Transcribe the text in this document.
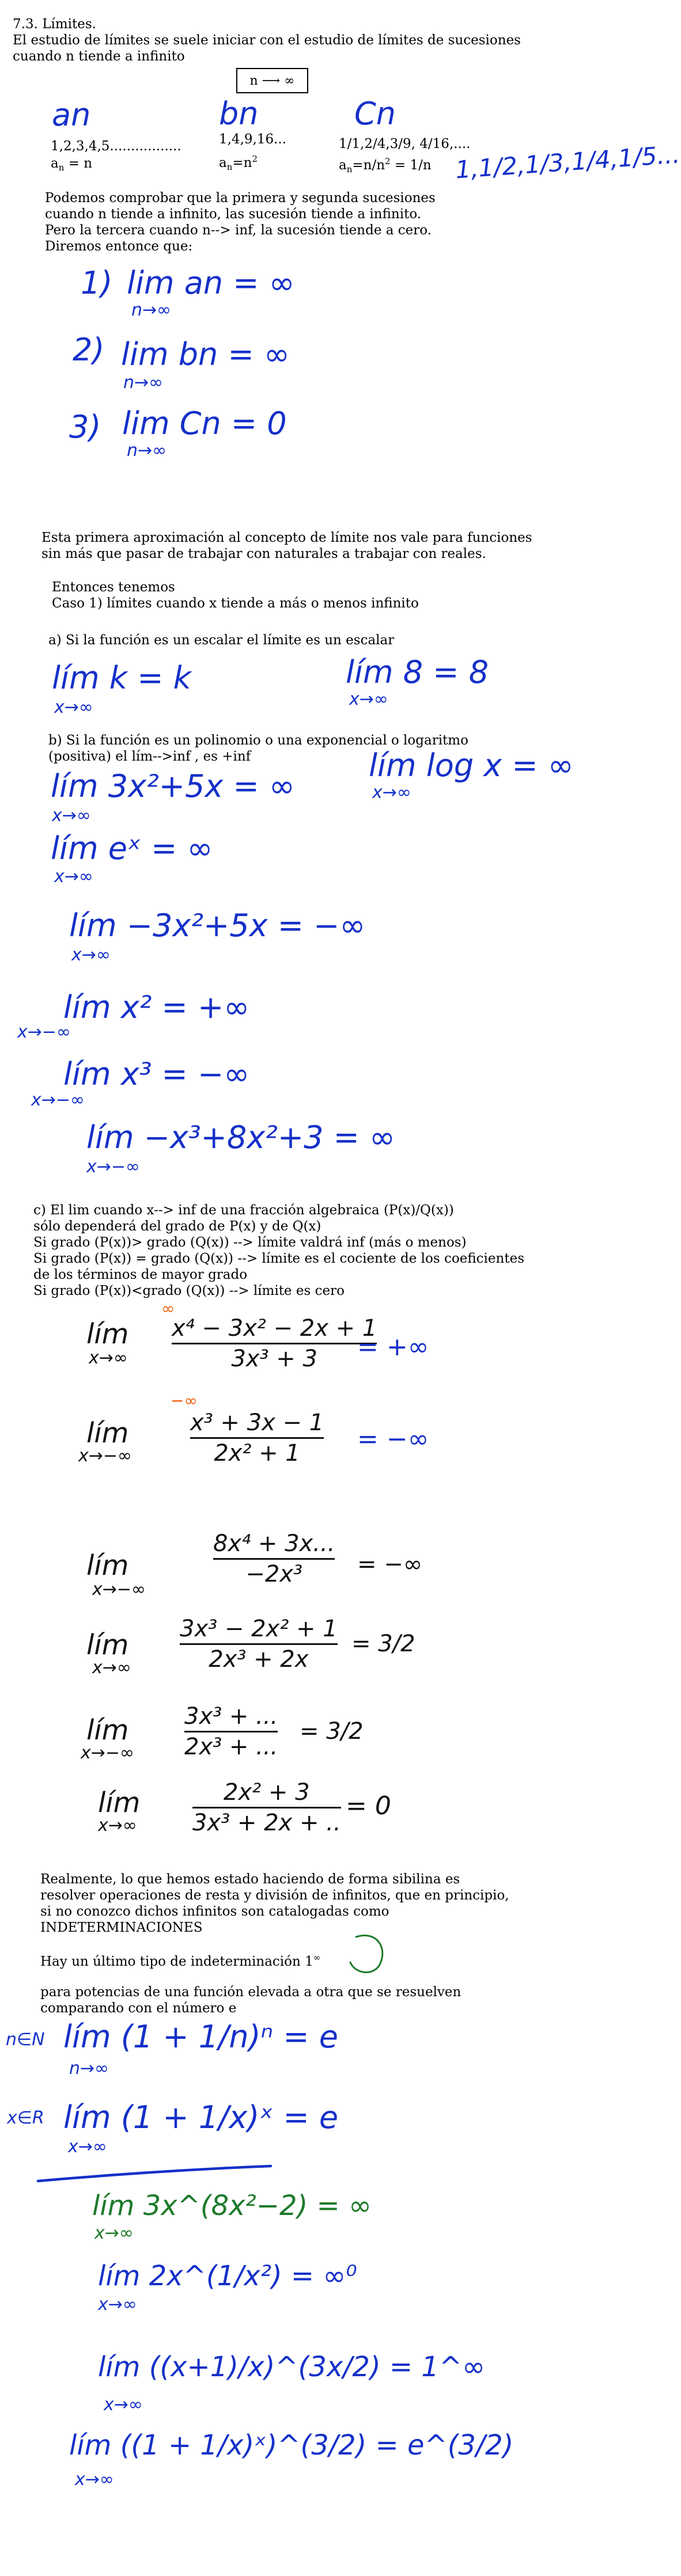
7.3. Límites.

El estudio de límites se suele iniciar con el estudio de límites de sucesiones

cuando n tiende a infinito

n ⟶ ∞

an	bn	Cn

1,2,3,4,5.................	1,4,9,16...	1/1,2/4,3/9, 4/16,....

$a_n = n$	$a_n=n^2$	$a_n=n/n^2 = 1/n$ 1,1/2,1/3,1/4,1/5...

Podemos comprobar que la primera y segunda sucesiones

cuando n tiende a infinito, las sucesión tiende a infinito.

Pero la tercera cuando n--> inf, la sucesión tiende a cero.

Diremos entonce que:

1) lim an = ∞

n→∞

2) lim bn = ∞

n→∞

3) lim Cn = 0

n→∞

Esta primera aproximación al concepto de límite nos vale para funciones

sin más que pasar de trabajar con naturales a trabajar con reales.

Entonces tenemos

Caso 1) límites cuando x tiende a más o menos infinito

a) Si la función es un escalar el límite es un escalar

lím k = k

x→∞

lím 8 = 8

x→∞

b) Si la función es un polinomio o una exponencial o logaritmo

(positiva) el lím-->inf , es +inf

lím 3x²+5x = ∞

x→∞

lím log x = ∞

x→∞

lím eˣ = ∞

x→∞

lím −3x²+5x = −∞

x→∞

lím x² = +∞

x→−∞

lím x³ = −∞

x→−∞

lím −x³+8x²+3 = ∞

x→−∞

c) El lim cuando x--> inf de una fracción algebraica (P(x)/Q(x))

sólo dependerá del grado de P(x) y de Q(x)

Si grado (P(x))> grado (Q(x)) --> límite valdrá inf (más o menos)

Si grado (P(x)) = grado (Q(x)) --> límite es el cociente de los coeficientes

de los términos de mayor grado

Si grado (P(x))<grado (Q(x)) --> límite es cero

lím

x→∞

∞

x⁴ − 3x² − 2x + 1
3x³ + 3 = +∞

lím

x→−∞

−∞

x³ + 3x − 1
2x² + 1 = −∞

lím

x→−∞

8x⁴ + 3x...
−2x³ = −∞

lím

x→∞

3x³ − 2x² + 1
2x³ + 2x

= 3/2

lím

x→−∞

3x³ + ...
2x³ + ...

= 3/2

lím

x→∞

2x² + 3
3x³ + 2x + ..

= 0

Realmente, lo que hemos estado haciendo de forma sibilina es

resolver operaciones de resta y división de infinitos, que en principio,

si no conozco dichos infinitos son catalogadas como

INDETERMINACIONES

Hay un último tipo de indeterminación 1∞

para potencias de una función elevada a otra que se resuelven

comparando con el número e

n∈N lím (1 + 1/n)ⁿ = e

n→∞

x∈R lím (1 + 1/x)ˣ = e

x→∞

lím 3x^(8x²−2) = ∞

x→∞

lím 2x^(1/x²) = ∞⁰

x→∞

lím ((x+1)/x)^(3x/2) = 1^∞

x→∞

lím ((1 + 1/x)ˣ)^(3/2) = e^(3/2)

x→∞
